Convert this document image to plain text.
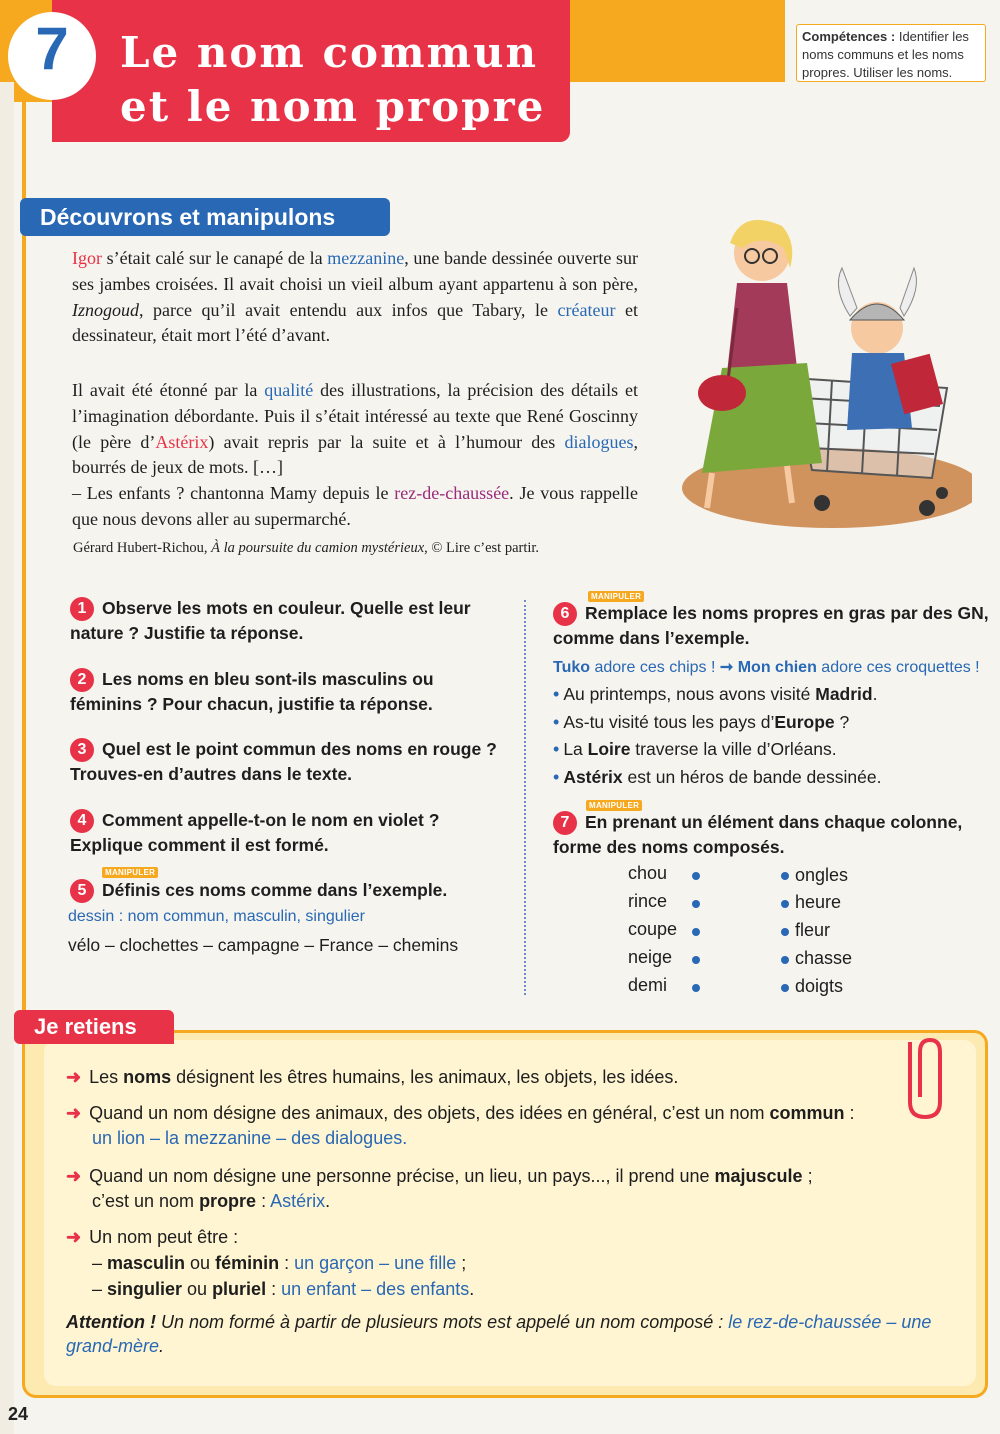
7	Le nom commun
et le nom propre
Compétences : Identifier les noms communs et les noms propres. Utiliser les noms.
Découvrons et manipulons
Igor s’était calé sur le canapé de la mezzanine, une bande dessinée ouverte sur ses jambes croisées. Il avait choisi un vieil album ayant appartenu à son père, Iznogoud, parce qu’il avait entendu aux infos que Tabary, le créateur et dessinateur, était mort l’été d’avant.
Il avait été étonné par la qualité des illustrations, la précision des détails et l’imagination débordante. Puis il s’était intéressé au texte que René Goscinny (le père d’Astérix) avait repris par la suite et à l’humour des dialogues, bourrés de jeux de mots. […]
– Les enfants ? chantonna Mamy depuis le rez-de-chaussée. Je vous rappelle que nous devons aller au supermarché.
Gérard Hubert-Richou, À la poursuite du camion mystérieux, © Lire c’est partir.
1 Observe les mots en couleur. Quelle est leur nature ? Justifie ta réponse.
2 Les noms en bleu sont-ils masculins ou féminins ? Pour chacun, justifie ta réponse.
3 Quel est le point commun des noms en rouge ? Trouves-en d’autres dans le texte.
4 Comment appelle-t-on le nom en violet ? Explique comment il est formé.
MANIPULER
5 Définis ces noms comme dans l’exemple.
dessin : nom commun, masculin, singulier
vélo – clochettes – campagne – France – chemins
MANIPULER
6 Remplace les noms propres en gras par des GN, comme dans l’exemple.
Tuko adore ces chips ! ➞ Mon chien adore ces croquettes !
• Au printemps, nous avons visité Madrid.
• As-tu visité tous les pays d’Europe ?
• La Loire traverse la ville d’Orléans.
• Astérix est un héros de bande dessinée.
MANIPULER
7 En prenant un élément dans chaque colonne, forme des noms composés.
chou
rince
coupe
neige
demi
ongles
heure
fleur
chasse
doigts
Je retiens
➜ Les noms désignent les êtres humains, les animaux, les objets, les idées.
➜ Quand un nom désigne des animaux, des objets, des idées en général, c’est un nom commun :
un lion – la mezzanine – des dialogues.
➜ Quand un nom désigne une personne précise, un lieu, un pays..., il prend une majuscule ;
c’est un nom propre : Astérix.
➜ Un nom peut être :
– masculin ou féminin : un garçon – une fille ;
– singulier ou pluriel : un enfant – des enfants.
Attention ! Un nom formé à partir de plusieurs mots est appelé un nom composé : le rez-de-chaussée – une grand-mère.
24
